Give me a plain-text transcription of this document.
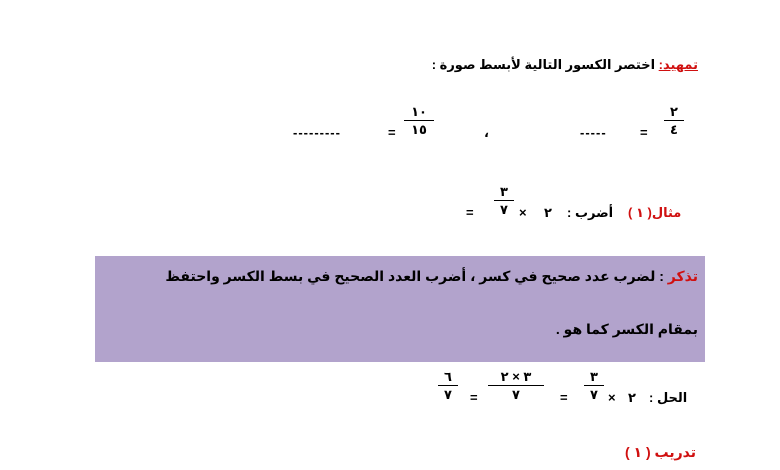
تمهيد: اختصر الكسور التالية لأبسط صورة :
٢
٤
=
-----
،
١٠
١٥
=
---------
مثال( ١ )
أضرب :
٢
×
٣
٧
=
تذكر : لضرب عدد صحيح في كسر ، أضرب العدد الصحيح في بسط الكسر واحتفظ
بمقام الكسر كما هو .
الحل :
٢
×
٣
٧
=
٣ × ٢
٧
=
٦
٧
تدريب ( ١ )
